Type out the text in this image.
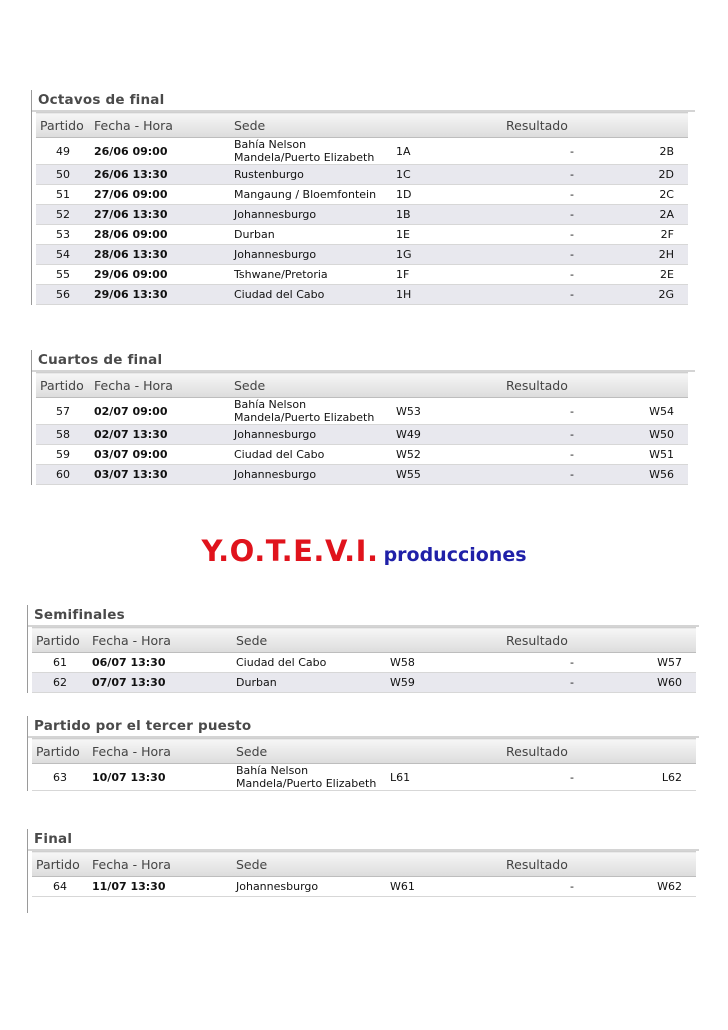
Octavos de final
Partido	Fecha - Hora	Sede		Resultado	
49	26/06 09:00	Bahía Nelson Mandela/Puerto Elizabeth	1A	-	2B
50	26/06 13:30	Rustenburgo	1C	-	2D
51	27/06 09:00	Mangaung / Bloemfontein	1D	-	2C
52	27/06 13:30	Johannesburgo	1B	-	2A
53	28/06 09:00	Durban	1E	-	2F
54	28/06 13:30	Johannesburgo	1G	-	2H
55	29/06 09:00	Tshwane/Pretoria	1F	-	2E
56	29/06 13:30	Ciudad del Cabo	1H	-	2G
Cuartos de final
Partido	Fecha - Hora	Sede		Resultado	
57	02/07 09:00	Bahía Nelson Mandela/Puerto Elizabeth	W53	-	W54
58	02/07 13:30	Johannesburgo	W49	-	W50
59	03/07 09:00	Ciudad del Cabo	W52	-	W51
60	03/07 13:30	Johannesburgo	W55	-	W56
Y.O.T.E.V.I. producciones
Semifinales
Partido	Fecha - Hora	Sede		Resultado	
61	06/07 13:30	Ciudad del Cabo	W58	-	W57
62	07/07 13:30	Durban	W59	-	W60
Partido por el tercer puesto
Partido	Fecha - Hora	Sede		Resultado	
63	10/07 13:30	Bahía Nelson Mandela/Puerto Elizabeth	L61	-	L62
Final
Partido	Fecha - Hora	Sede		Resultado	
64	11/07 13:30	Johannesburgo	W61	-	W62
